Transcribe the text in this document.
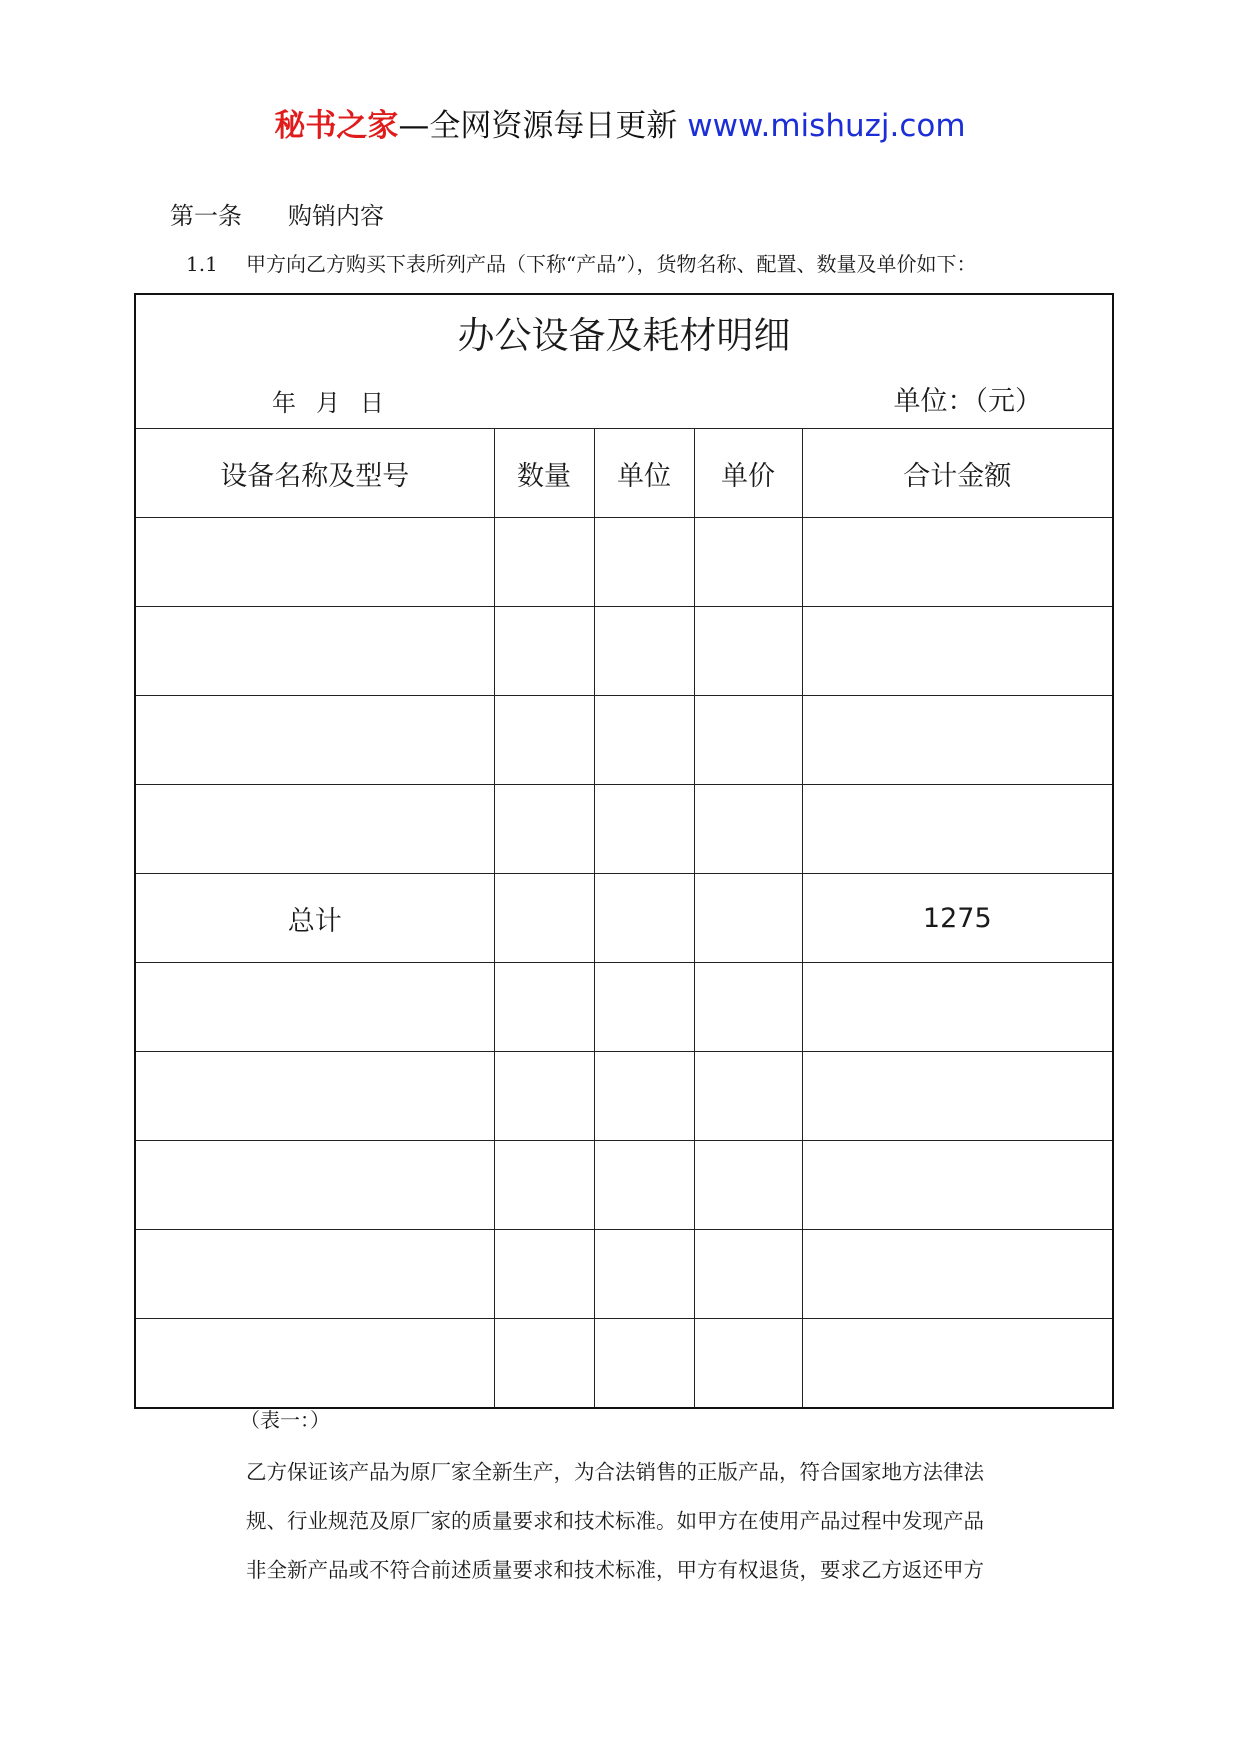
秘书之家—全网资源每日更新 www.mishuzj.com
第一条 购销内容
1.1 甲方向乙方购买下表所列产品（下称“产品”），货物名称、配置、数量及单价如下：
办公设备及耗材明细
年 月 日 单位：（元）				

设备名称及型号	数量	单位	单价	合计金额

总计				1275

（表一：）
乙方保证该产品为原厂家全新生产，为合法销售的正版产品，符合国家地方法律法
规、行业规范及原厂家的质量要求和技术标准。如甲方在使用产品过程中发现产品
非全新产品或不符合前述质量要求和技术标准，甲方有权退货，要求乙方返还甲方
